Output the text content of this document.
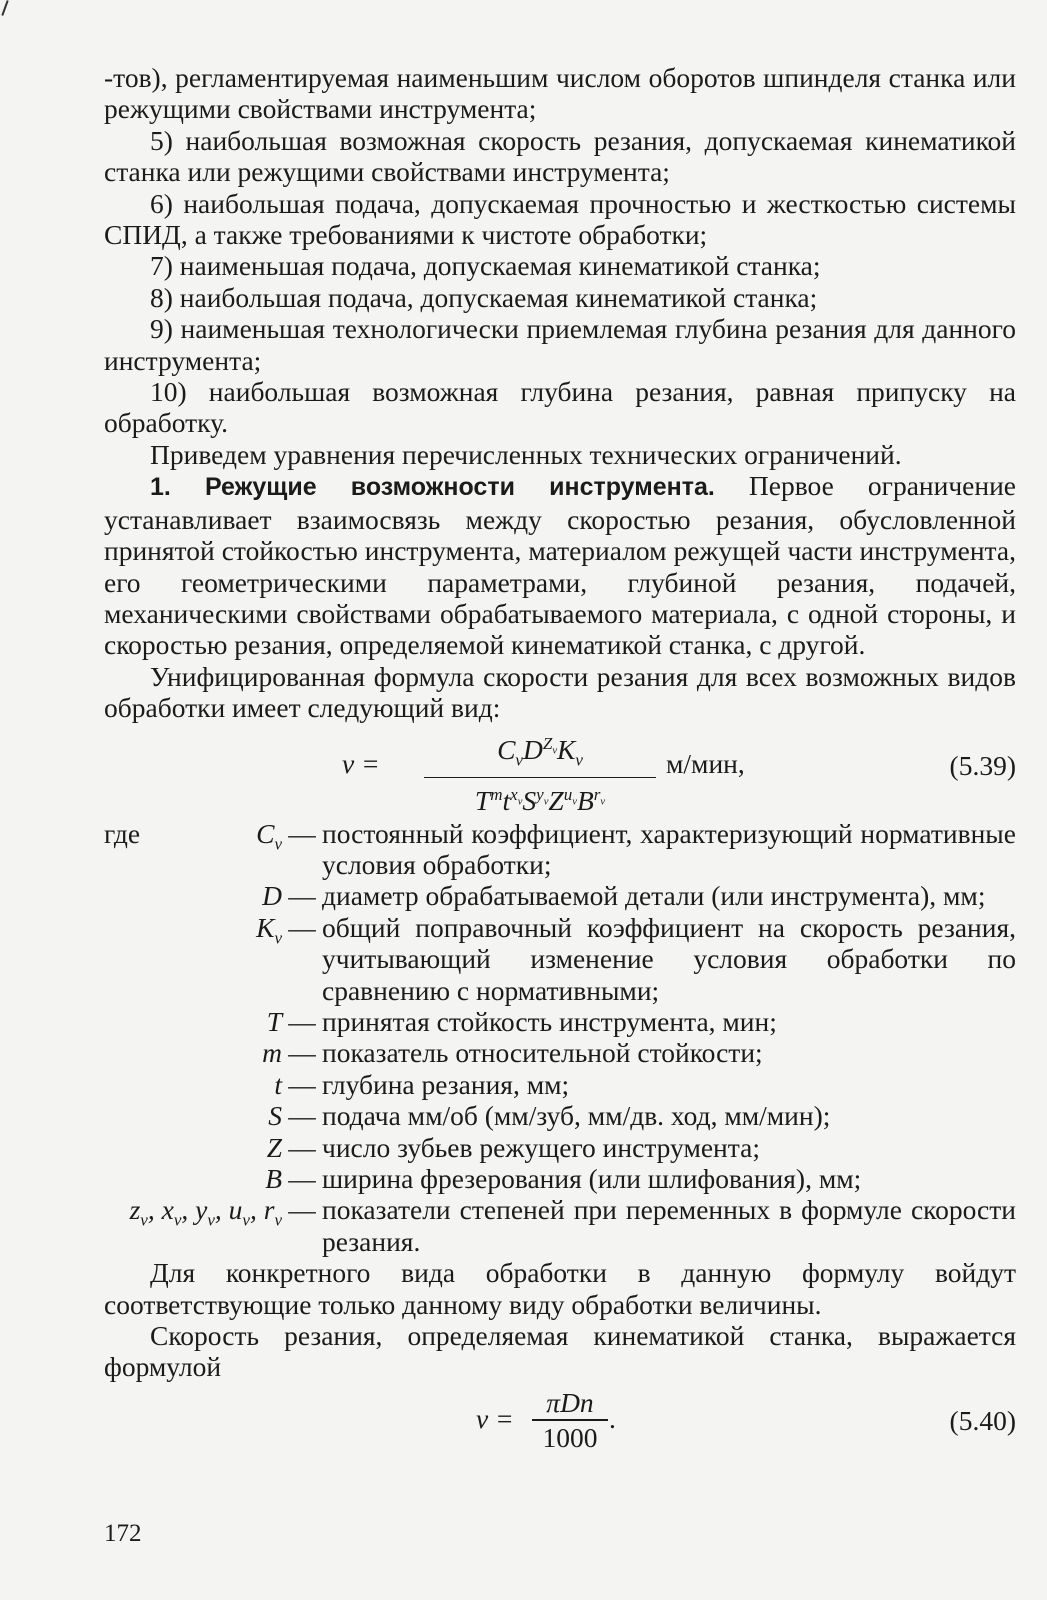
-тов), регламентируемая наименьшим числом оборотов шпинделя станка или режущими свойствами инструмента;

5) наибольшая возможная скорость резания, допускаемая кинематикой станка или режущими свойствами инструмента;

6) наибольшая подача, допускаемая прочностью и жесткостью системы СПИД, а также требованиями к чистоте обработки;

7) наименьшая подача, допускаемая кинематикой станка;

8) наибольшая подача, допускаемая кинематикой станка;

9) наименьшая технологически приемлемая глубина резания для данного инструмента;

10) наибольшая возможная глубина резания, равная припуску на обработку.

Приведем уравнения перечисленных технических ограничений.

1. Режущие возможности инструмента. Первое ограничение устанавливает взаимосвязь между скоростью резания, обусловленной принятой стойкостью инструмента, материалом режущей части инструмента, его геометрическими параметрами, глубиной резания, подачей, механическими свойствами обрабатываемого материала, с одной стороны, и скоростью резания, определяемой кинематикой станка, с другой.

Унифицированная формула скорости резания для всех возможных видов обработки имеет следующий вид:

v =	$C_vD^{Z_v}K_v$
$T^mt^{x_v}S^{y_v}Z^{u_v}B^{r_v}$
м/мин,	(5.39)
где	$C_v$ — постоянный коэффициент, характеризующий нормативные условия обработки;
D — диаметр обрабатываемой детали (или инструмента), мм;
$K_v$ — общий поправочный коэффициент на скорость резания, учитывающий изменение условия обработки по сравнению с нормативными;
T — принятая стойкость инструмента, мин;
m — показатель относительной стойкости;
t — глубина резания, мм;
S — подача мм/об (мм/зуб, мм/дв. ход, мм/мин);
Z — число зубьев режущего инструмента;
B — ширина фрезерования (или шлифования), мм;
$z_v$, $x_v$, $y_v$, $u_v$, $r_v$ — показатели степеней при переменных в формуле скорости резания.

Для конкретного вида обработки в данную формулу войдут соответствующие только данному виду обработки величины.

Скорость резания, определяемая кинематикой станка, выражается формулой

v =
πDn
1000
.	(5.40)
172
